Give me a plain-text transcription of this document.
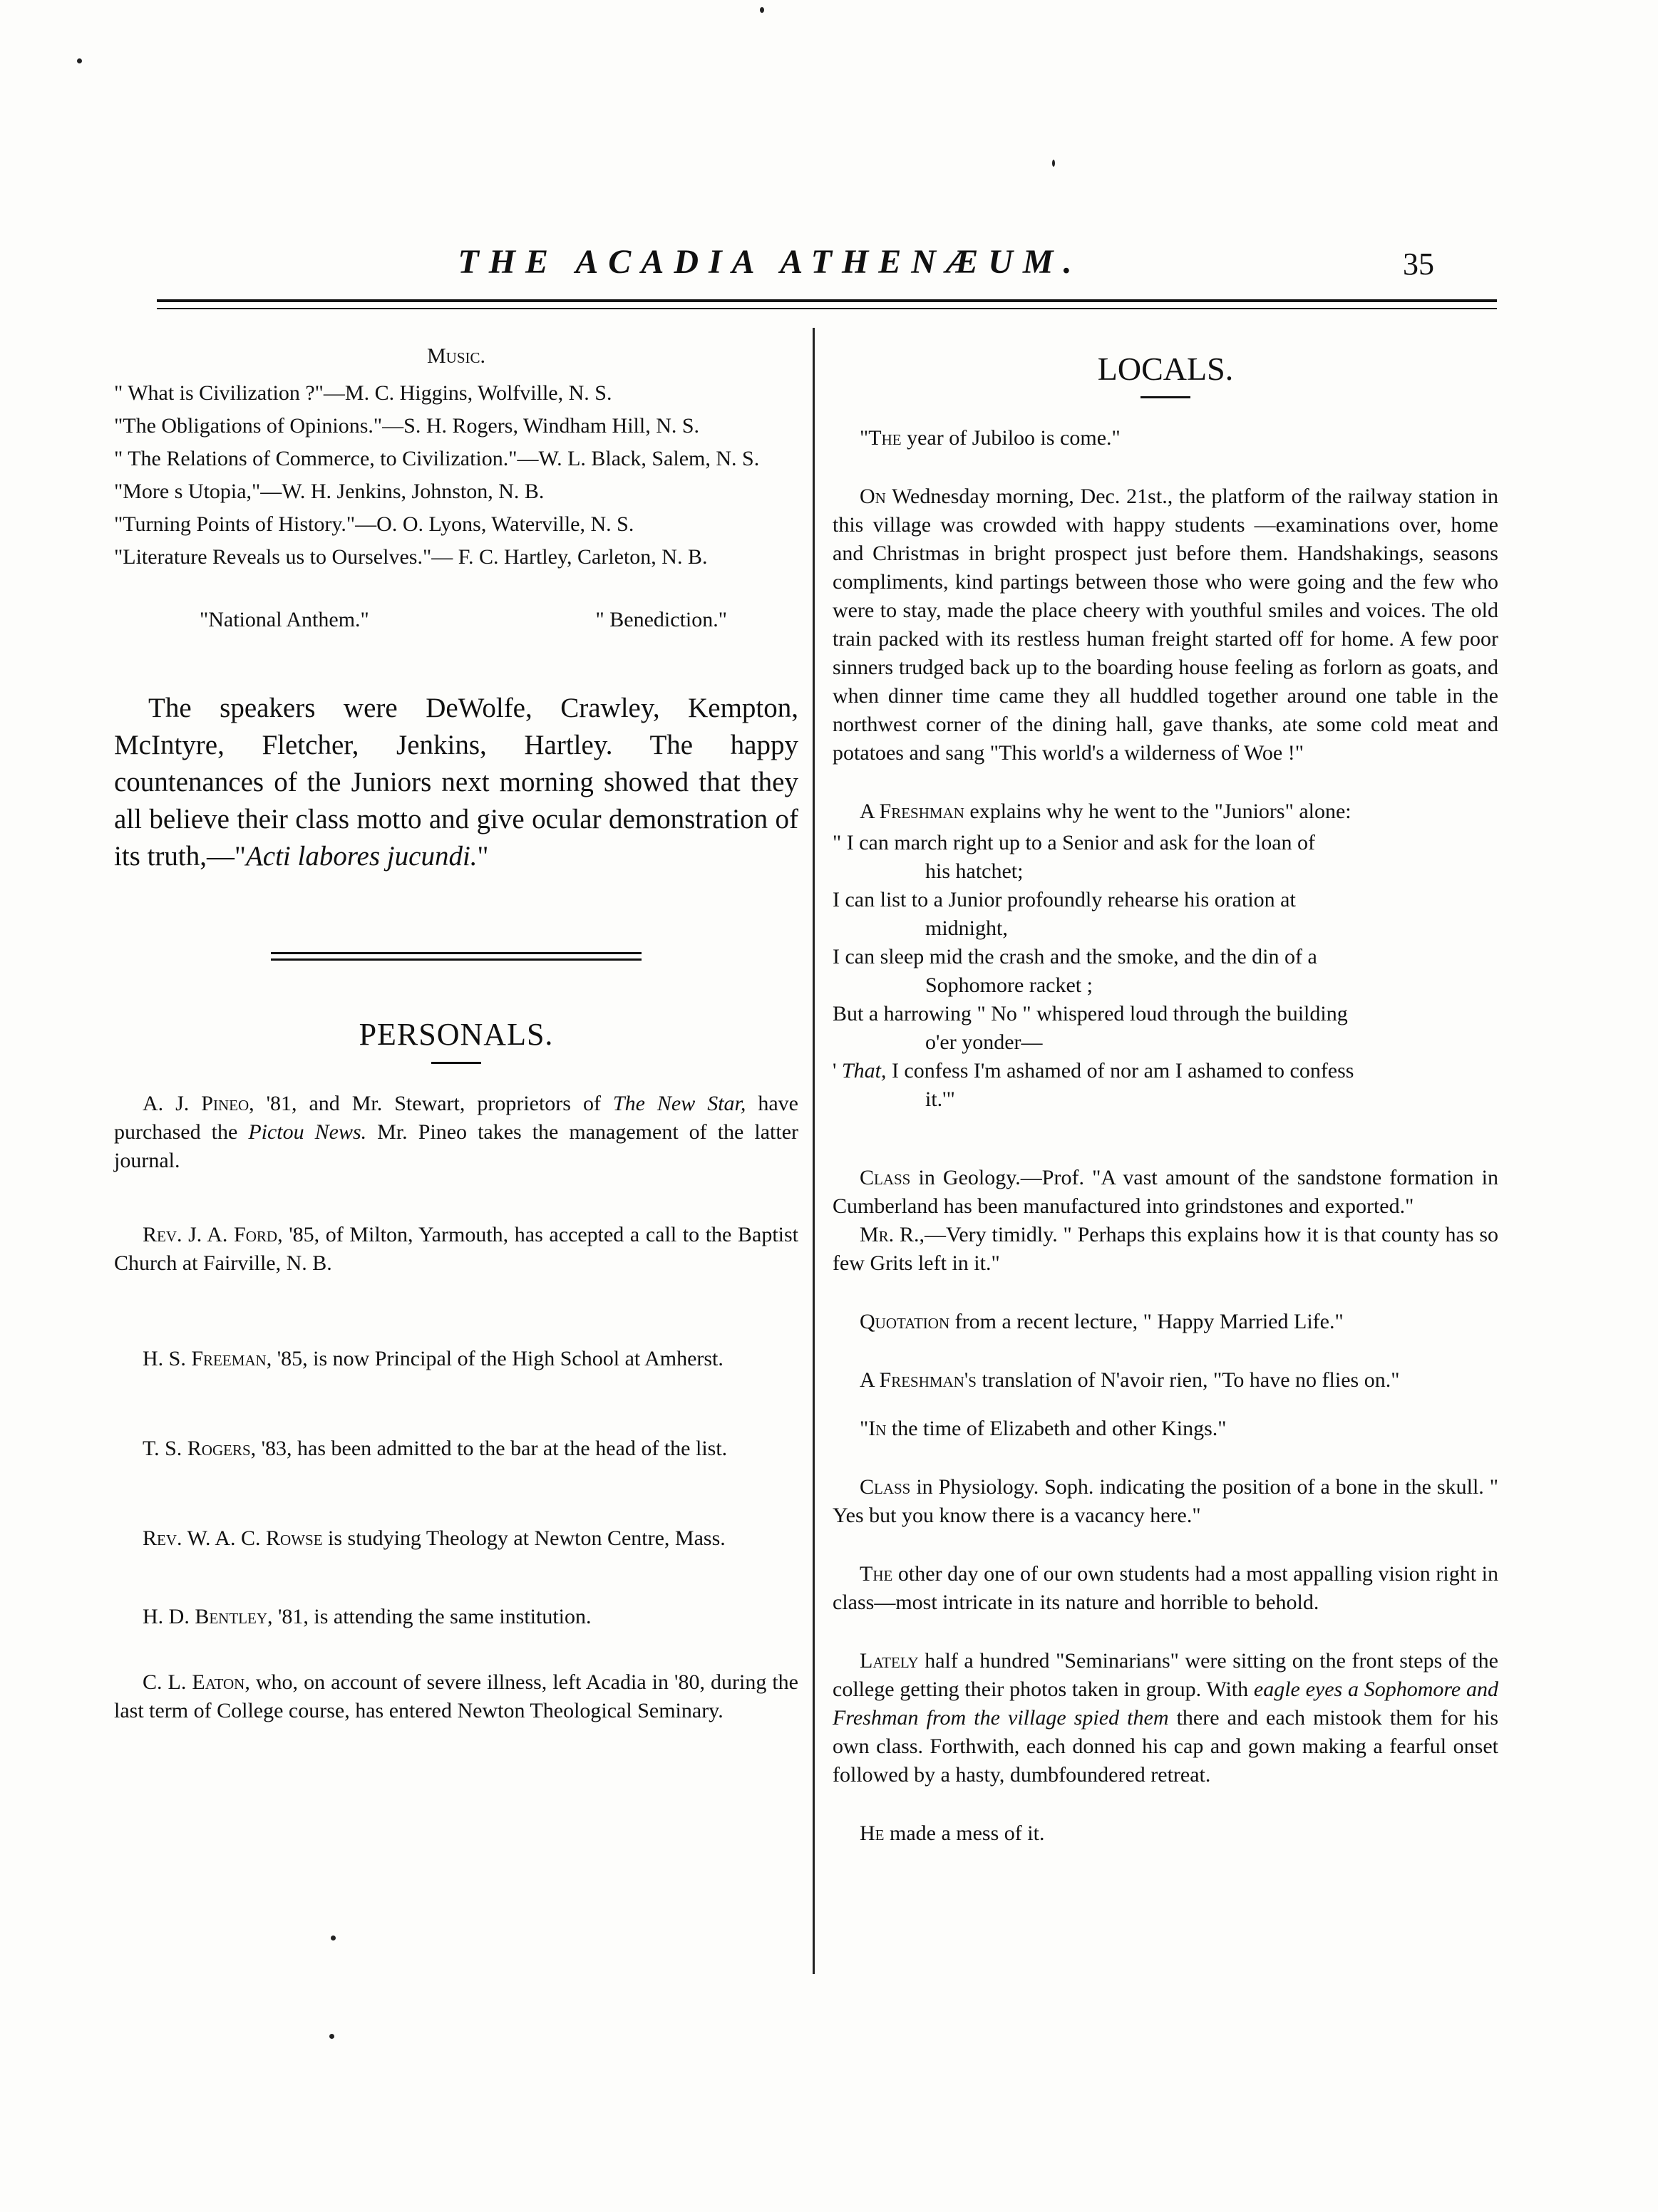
THE ACADIA ATHENÆUM.	35
Music.

" What is Civilization ?"—M. C. Higgins, Wolfville, N. S.

"The Obligations of Opinions."—S. H. Rogers, Windham Hill, N. S.

" The Relations of Commerce, to Civilization."—W. L. Black, Salem, N. S.

"More s Utopia,"—W. H. Jenkins, Johnston, N. B.

"Turning Points of History."—O. O. Lyons, Waterville, N. S.

"Literature Reveals us to Ourselves."— F. C. Hartley, Carleton, N. B.

"National Anthem."	" Benediction."

The speakers were DeWolfe, Crawley, Kempton, McIntyre, Fletcher, Jenkins, Hartley. The happy countenances of the Juniors next morning showed that they all believe their class motto and give ocular demonstration of its truth,—"Acti labores jucundi."

PERSONALS.

A. J. Pineo, '81, and Mr. Stewart, proprietors of The New Star, have purchased the Pictou News. Mr. Pineo takes the management of the latter journal.

Rev. J. A. Ford, '85, of Milton, Yarmouth, has accepted a call to the Baptist Church at Fairville, N. B.

H. S. Freeman, '85, is now Principal of the High School at Amherst.

T. S. Rogers, '83, has been admitted to the bar at the head of the list.

Rev. W. A. C. Rowse is studying Theology at Newton Centre, Mass.

H. D. Bentley, '81, is attending the same institution.

C. L. Eaton, who, on account of severe illness, left Acadia in '80, during the last term of College course, has entered Newton Theological Seminary.

LOCALS.

"The year of Jubiloo is come."

On Wednesday morning, Dec. 21st., the platform of the railway station in this village was crowded with happy students —examinations over, home and Christmas in bright prospect just before them. Handshakings, seasons compliments, kind partings between those who were going and the few who were to stay, made the place cheery with youthful smiles and voices. The old train packed with its restless human freight started off for home. A few poor sinners trudged back up to the boarding house feeling as forlorn as goats, and when dinner time came they all huddled together around one table in the northwest corner of the dining hall, gave thanks, ate some cold meat and potatoes and sang "This world's a wilderness of Woe !"

A Freshman explains why he went to the "Juniors" alone:

" I can march right up to a Senior and ask for the loan of
his hatchet;

I can list to a Junior profoundly rehearse his oration at
midnight,

I can sleep mid the crash and the smoke, and the din of a
Sophomore racket ;

But a harrowing " No " whispered loud through the building
o'er yonder—

' That, I confess I'm ashamed of nor am I ashamed to confess
it.'"

Class in Geology.—Prof. "A vast amount of the sandstone formation in Cumberland has been manufactured into grindstones and exported."

Mr. R.,—Very timidly. " Perhaps this explains how it is that county has so few Grits left in it."

Quotation from a recent lecture, " Happy Married Life."

A Freshman's translation of N'avoir rien, "To have no flies on."

"In the time of Elizabeth and other Kings."

Class in Physiology. Soph. indicating the position of a bone in the skull. " Yes but you know there is a vacancy here."

The other day one of our own students had a most appalling vision right in class—most intricate in its nature and horrible to behold.

Lately half a hundred "Seminarians" were sitting on the front steps of the college getting their photos taken in group. With eagle eyes a Sophomore and Freshman from the village spied them there and each mistook them for his own class. Forthwith, each donned his cap and gown making a fearful onset followed by a hasty, dumbfoundered retreat.

He made a mess of it.
